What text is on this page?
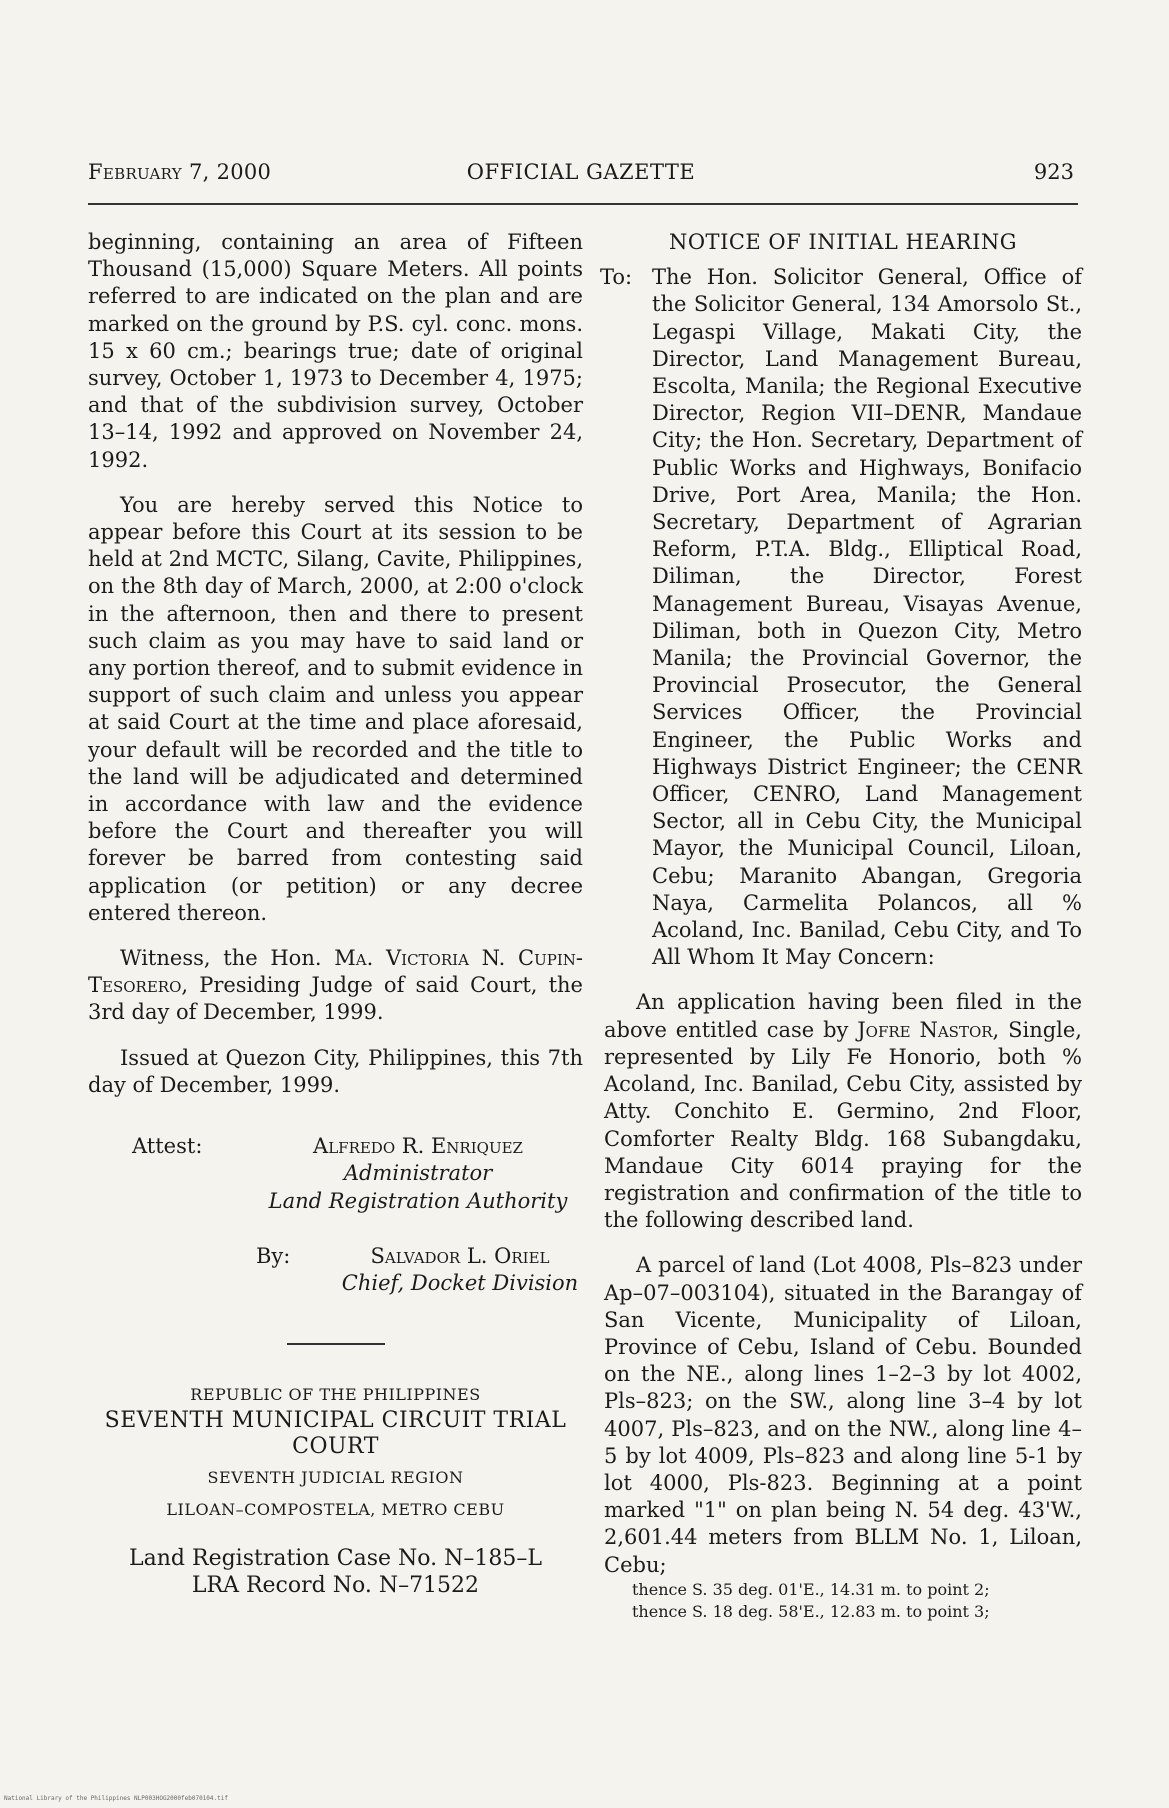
February 7, 2000	OFFICIAL GAZETTE	923

beginning, containing an area of Fifteen Thousand (15,000) Square Meters. All points referred to are indicated on the plan and are marked on the ground by P.S. cyl. conc. mons. 15 x 60 cm.; bearings true; date of original survey, October 1, 1973 to December 4, 1975; and that of the subdivision survey, October 13–14, 1992 and approved on November 24, 1992.

You are hereby served this Notice to appear before this Court at its session to be held at 2nd MCTC, Silang, Cavite, Philippines, on the 8th day of March, 2000, at 2:00 o'clock in the afternoon, then and there to present such claim as you may have to said land or any portion thereof, and to submit evidence in support of such claim and unless you appear at said Court at the time and place aforesaid, your default will be recorded and the title to the land will be adjudicated and determined in accordance with law and the evidence before the Court and thereafter you will forever be barred from contesting said application (or petition) or any decree entered thereon.

Witness, the Hon. Ma. Victoria N. Cupin-Tesorero, Presiding Judge of said Court, the 3rd day of December, 1999.

Issued at Quezon City, Philippines, this 7th day of December, 1999.

Attest:	Alfredo R. Enriquez
Administrator
Land Registration Authority
By:	Salvador L. Oriel
Chief, Docket Division
REPUBLIC OF THE PHILIPPINES
SEVENTH MUNICIPAL CIRCUIT TRIAL
COURT
SEVENTH JUDICIAL REGION
LILOAN–COMPOSTELA, METRO CEBU
Land Registration Case No. N–185–L
LRA Record No. N–71522
NOTICE OF INITIAL HEARING
To: The Hon. Solicitor General, Office of the Solicitor General, 134 Amorsolo St., Legaspi Village, Makati City, the Director, Land Management Bureau, Escolta, Manila; the Regional Executive Director, Region VII–DENR, Mandaue City; the Hon. Secretary, Department of Public Works and Highways, Bonifacio Drive, Port Area, Manila; the Hon. Secretary, Department of Agrarian Reform, P.T.A. Bldg., Elliptical Road, Diliman, the Director, Forest Management Bureau, Visayas Avenue, Diliman, both in Quezon City, Metro Manila; the Provincial Governor, the Provincial Prosecutor, the General Services Officer, the Provincial Engineer, the Public Works and Highways District Engineer; the CENR Officer, CENRO, Land Management Sector, all in Cebu City, the Municipal Mayor, the Municipal Council, Liloan, Cebu; Maranito Abangan, Gregoria Naya, Carmelita Polancos, all % Acoland, Inc. Banilad, Cebu City, and To All Whom It May Concern:

An application having been filed in the above entitled case by Jofre Nastor, Single, represented by Lily Fe Honorio, both % Acoland, Inc. Banilad, Cebu City, assisted by Atty. Conchito E. Germino, 2nd Floor, Comforter Realty Bldg. 168 Subangdaku, Mandaue City 6014 praying for the registration and confirmation of the title to the following described land.

A parcel of land (Lot 4008, Pls–823 under Ap–07–003104), situated in the Barangay of San Vicente, Municipality of Liloan, Province of Cebu, Island of Cebu. Bounded on the NE., along lines 1–2–3 by lot 4002, Pls–823; on the SW., along line 3–4 by lot 4007, Pls–823, and on the NW., along line 4–5 by lot 4009, Pls–823 and along line 5-1 by lot 4000, Pls-823. Beginning at a point marked "1" on plan being N. 54 deg. 43'W., 2,601.44 meters from BLLM No. 1, Liloan, Cebu;

thence S. 35 deg. 01'E., 14.31 m. to point 2;

thence S. 18 deg. 58'E., 12.83 m. to point 3;

National Library of the Philippines NLP003HOG2000feb070104.tif
